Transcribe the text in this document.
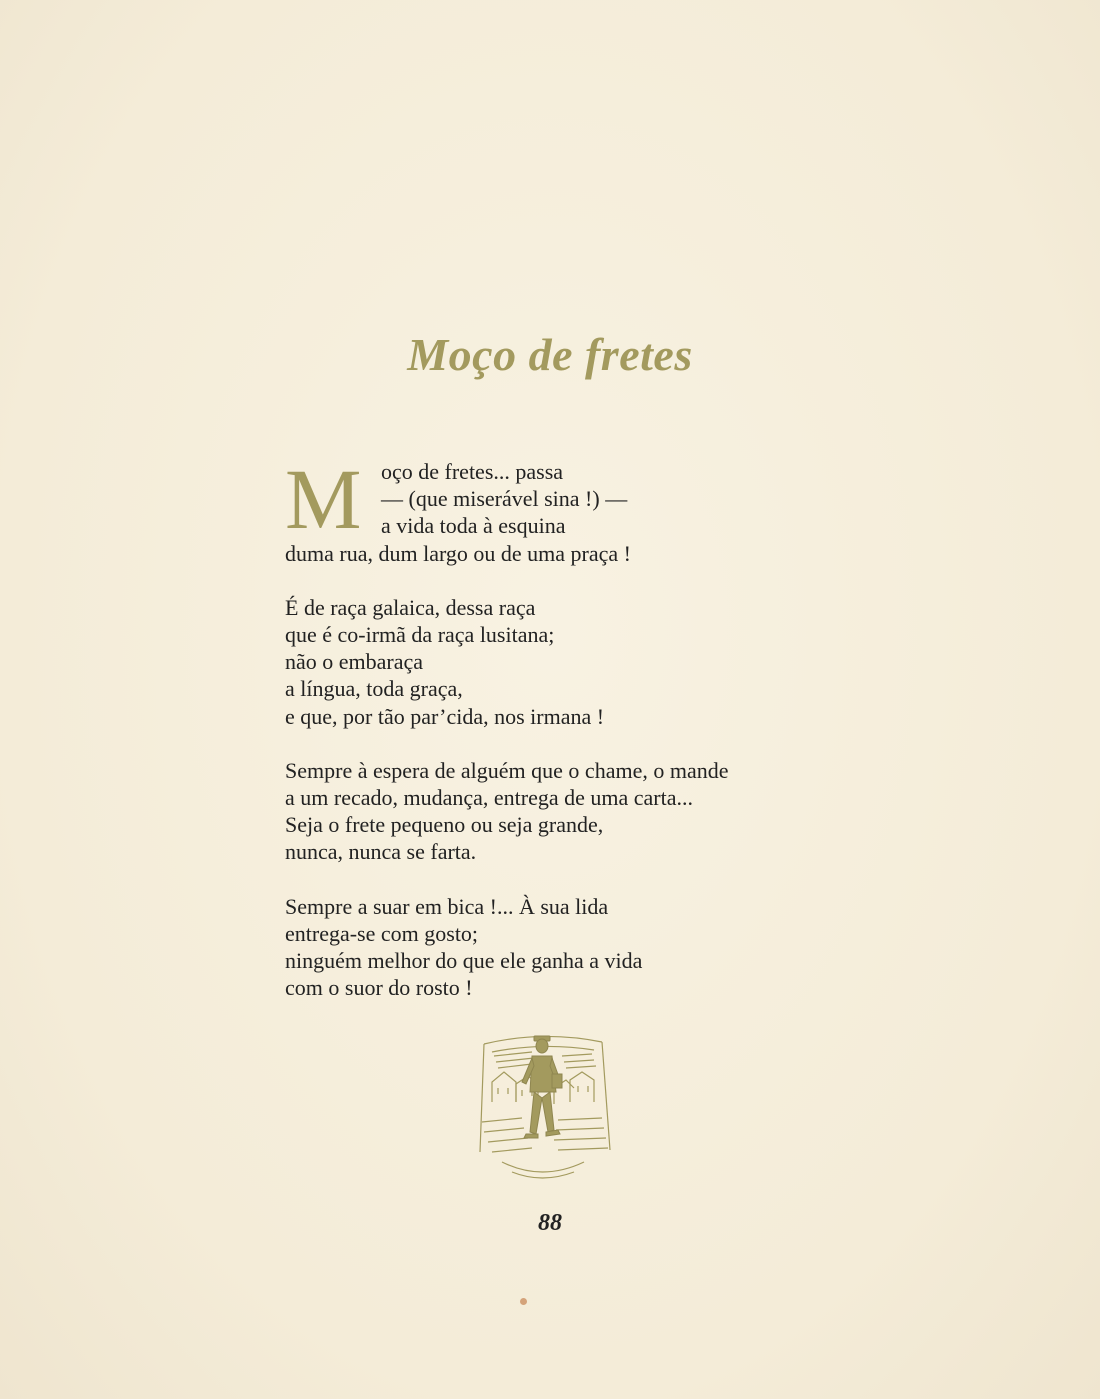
Moço de fretes
M oço de fretes... passa
— (que miserável sina !) —
a vida toda à esquina
duma rua, dum largo ou de uma praça !
É de raça galaica, dessa raça
que é co-irmã da raça lusitana;
não o embaraça
a língua, toda graça,
e que, por tão par’cida, nos irmana !
Sempre à espera de alguém que o chame, o mande
a um recado, mudança, entrega de uma carta...
Seja o frete pequeno ou seja grande,
nunca, nunca se farta.
Sempre a suar em bica !... À sua lida
entrega-se com gosto;
ninguém melhor do que ele ganha a vida
com o suor do rosto !
88
